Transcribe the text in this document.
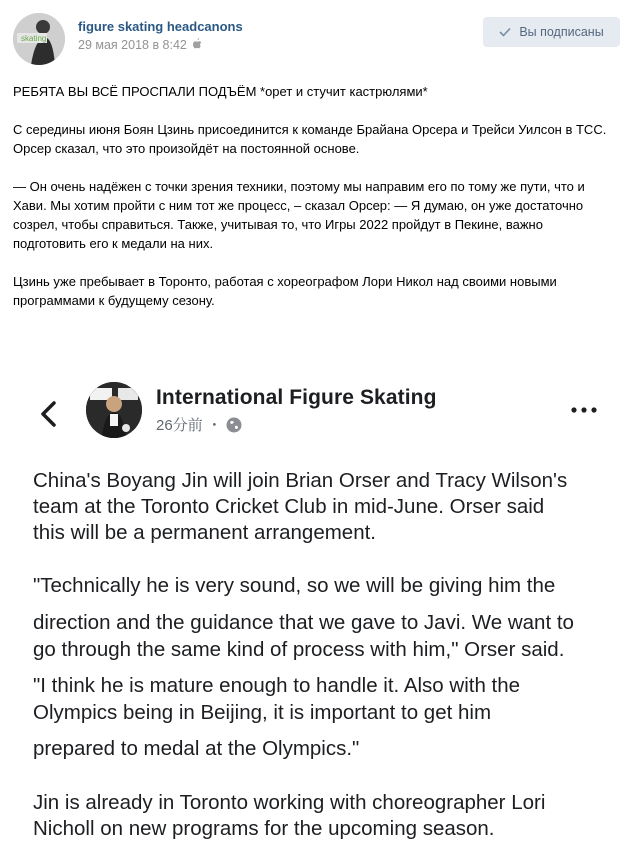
skating
figure skating headcanons
29 мая 2018 в 8:42
Вы подписаны

РЕБЯТА ВЫ ВСЁ ПРОСПАЛИ ПОДЪЁМ *орет и стучит кастрюлями*

С середины июня Боян Цзинь присоединится к команде Брайана Орсера и Трейси Уилсон в ТСС. Орсер сказал, что это произойдёт на постоянной основе.

— Он очень надёжен с точки зрения техники, поэтому мы направим его по тому же пути, что и Хави. Мы хотим пройти с ним тот же процесс, – сказал Орсер: — Я думаю, он уже достаточно созрел, чтобы справиться. Также, учитывая то, что Игры 2022 пройдут в Пекине, важно подготовить его к медали на них.

Цзинь уже пребывает в Торонто, работая с хореографом Лори Никол над своими новыми программами к будущему сезону.

International Figure Skating
26分前 ・
China's Boyang Jin will join Brian Orser and Tracy Wilson's
team at the Toronto Cricket Club in mid-June. Orser said
this will be a permanent arrangement.
"Technically he is very sound, so we will be giving him the
direction and the guidance that we gave to Javi. We want to
go through the same kind of process with him," Orser said.
"I think he is mature enough to handle it. Also with the
Olympics being in Beijing, it is important to get him
prepared to medal at the Olympics."
Jin is already in Toronto working with choreographer Lori
Nicholl on new programs for the upcoming season.
